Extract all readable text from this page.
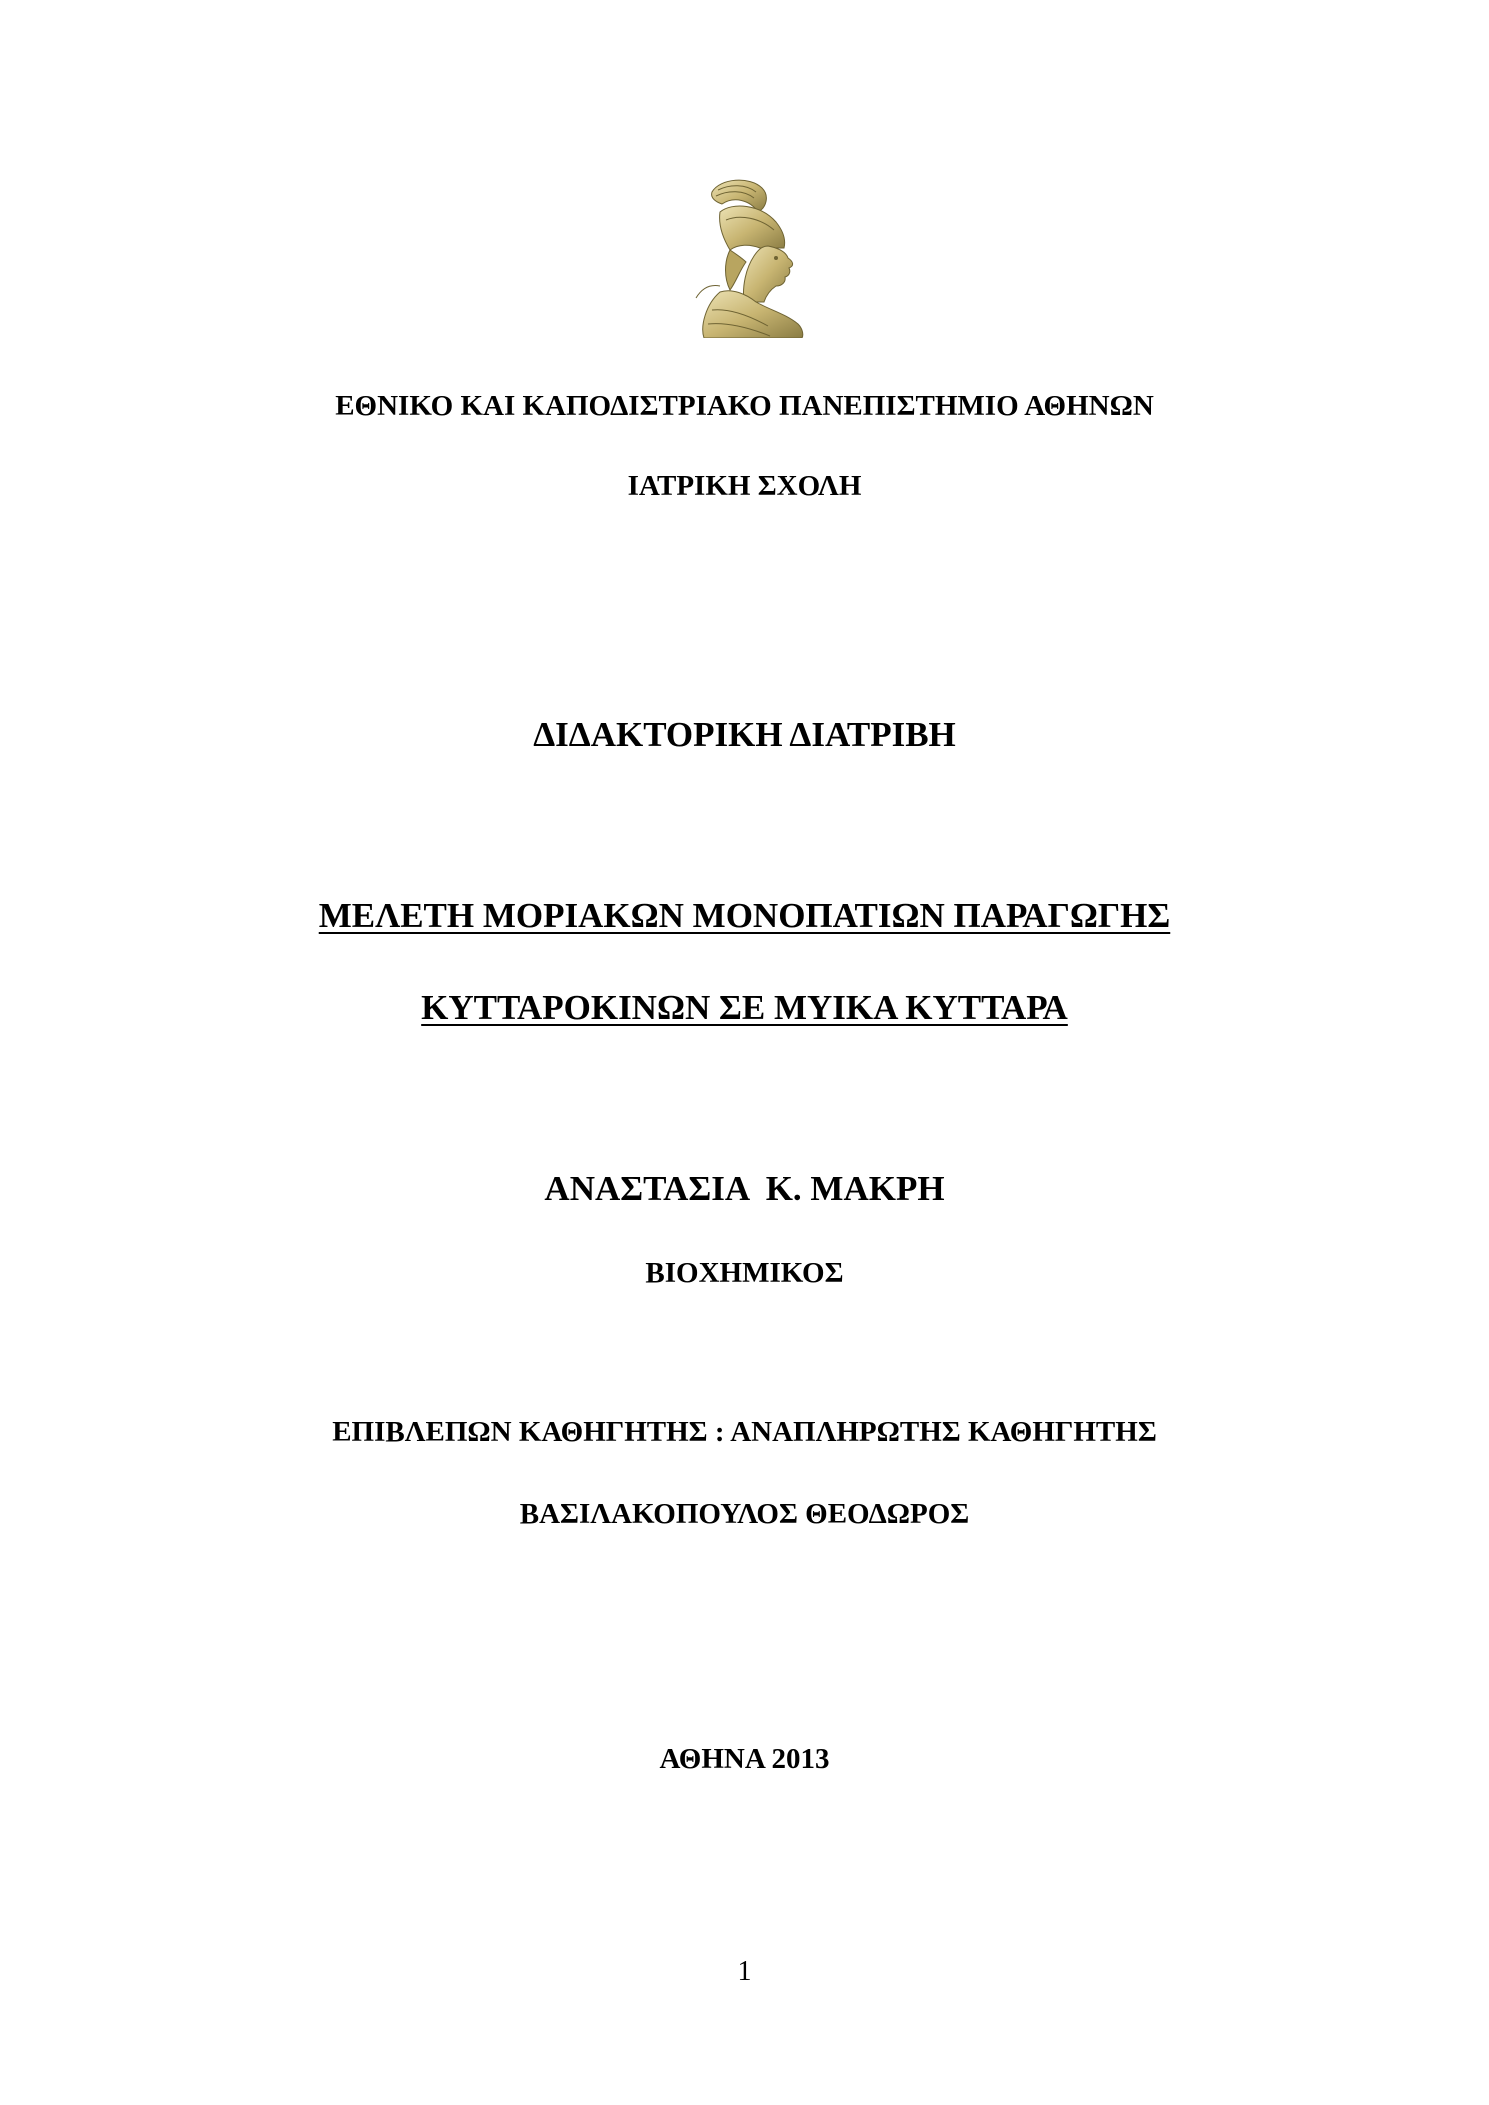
ΕΘΝΙΚΟ ΚΑΙ ΚΑΠΟΔΙΣΤΡΙΑΚΟ ΠΑΝΕΠΙΣΤΗΜΙΟ ΑΘΗΝΩΝ
ΙΑΤΡΙΚΗ ΣΧΟΛΗ
ΔΙΔΑΚΤΟΡΙΚΗ ΔΙΑΤΡΙΒΗ
ΜΕΛΕΤΗ ΜΟΡΙΑΚΩΝ ΜΟΝΟΠΑΤΙΩΝ ΠΑΡΑΓΩΓΗΣ
ΚΥΤΤΑΡΟΚΙΝΩΝ ΣΕ ΜΥΙΚΑ ΚΥΤΤΑΡΑ
ΑΝΑΣΤΑΣΙΑ  Κ. ΜΑΚΡΗ
ΒΙΟΧΗΜΙΚΟΣ
ΕΠΙΒΛΕΠΩΝ ΚΑΘΗΓΗΤΗΣ : ΑΝΑΠΛΗΡΩΤΗΣ ΚΑΘΗΓΗΤΗΣ
ΒΑΣΙΛΑΚΟΠΟΥΛΟΣ ΘΕΟΔΩΡΟΣ
ΑΘΗΝΑ 2013
1
